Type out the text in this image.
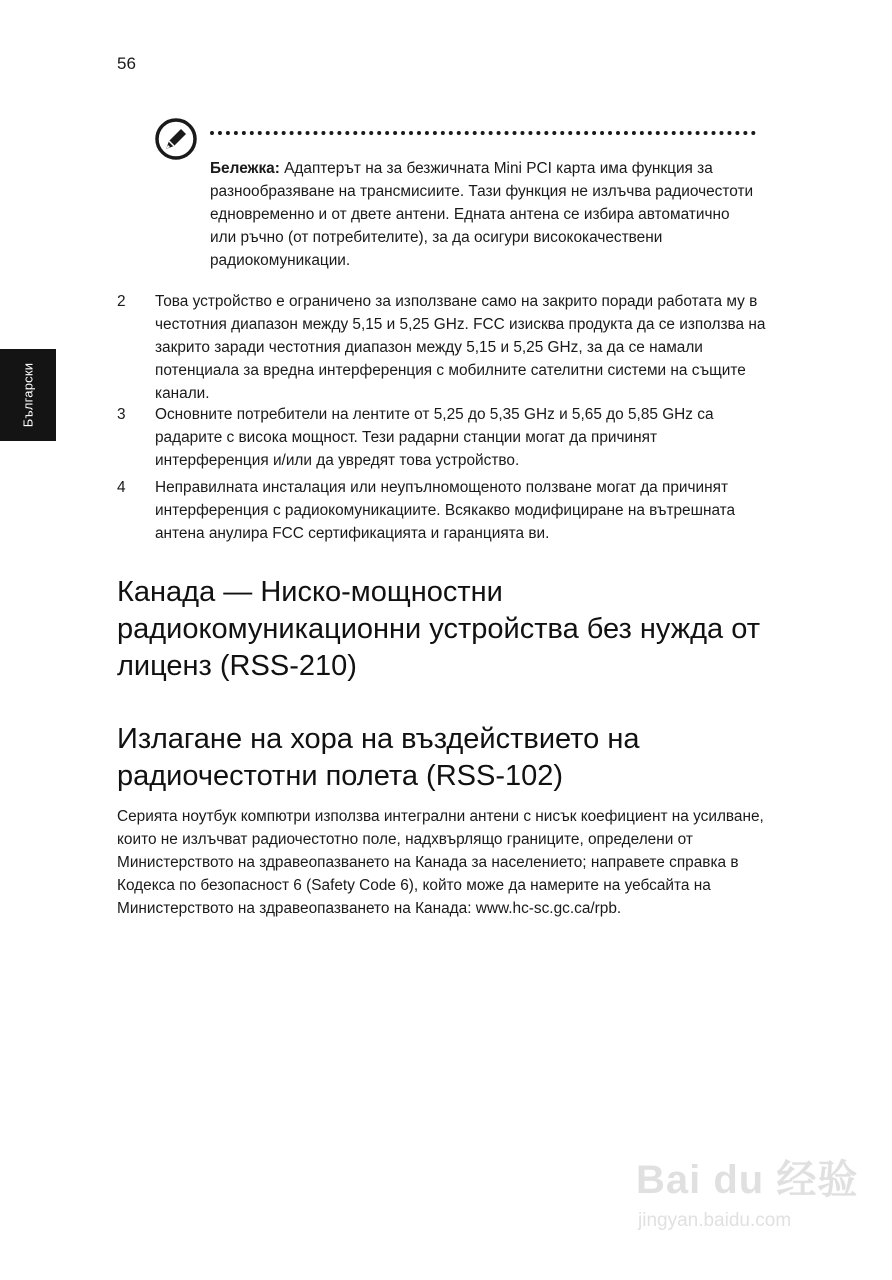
56
Български
Бележка: Адаптерът на за безжичната Mini PCI карта има функция за разнообразяване на трансмисиите. Тази функция не излъчва радиочестоти едновременно и от двете антени. Едната антена се избира автоматично или ръчно (от потребителите), за да осигури висококачествени радиокомуникации.
2	Това устройство е ограничено за използване само на закрито поради работата му в честотния диапазон между 5,15 и 5,25 GHz. FCC изисква продукта да се използва на закрито заради честотния диапазон между 5,15 и 5,25 GHz, за да се намали потенциала за вредна интерференция с мобилните сателитни системи на същите канали.
3	Основните потребители на лентите от 5,25 до 5,35 GHz и 5,65 до 5,85 GHz са радарите с висока мощност. Тези радарни станции могат да причинят интерференция и/или да увредят това устройство.
4	Неправилната инсталация или неупълномощеното ползване могат да причинят интерференция с радиокомуникациите. Всякакво модифициране на вътрешната антена анулира FCC сертификацията и гаранцията ви.
Канада — Ниско-мощностни радиокомуникационни устройства без нужда от лиценз (RSS-210)
Излагане на хора на въздействието на радиочестотни полета (RSS-102)
Серията ноутбук компютри използва интегрални антени с нисък коефициент на усилване, които не излъчват радиочестотно поле, надхвърлящо границите, определени от Министерството на здравеопазването на Канада за населението; направете справка в Кодекса по безопасност 6 (Safety Code 6), който може да намерите на уебсайта на Министерството на здравеопазването на Канада: www.hc-sc.gc.ca/rpb.
Bai du 经验
jingyan.baidu.com
